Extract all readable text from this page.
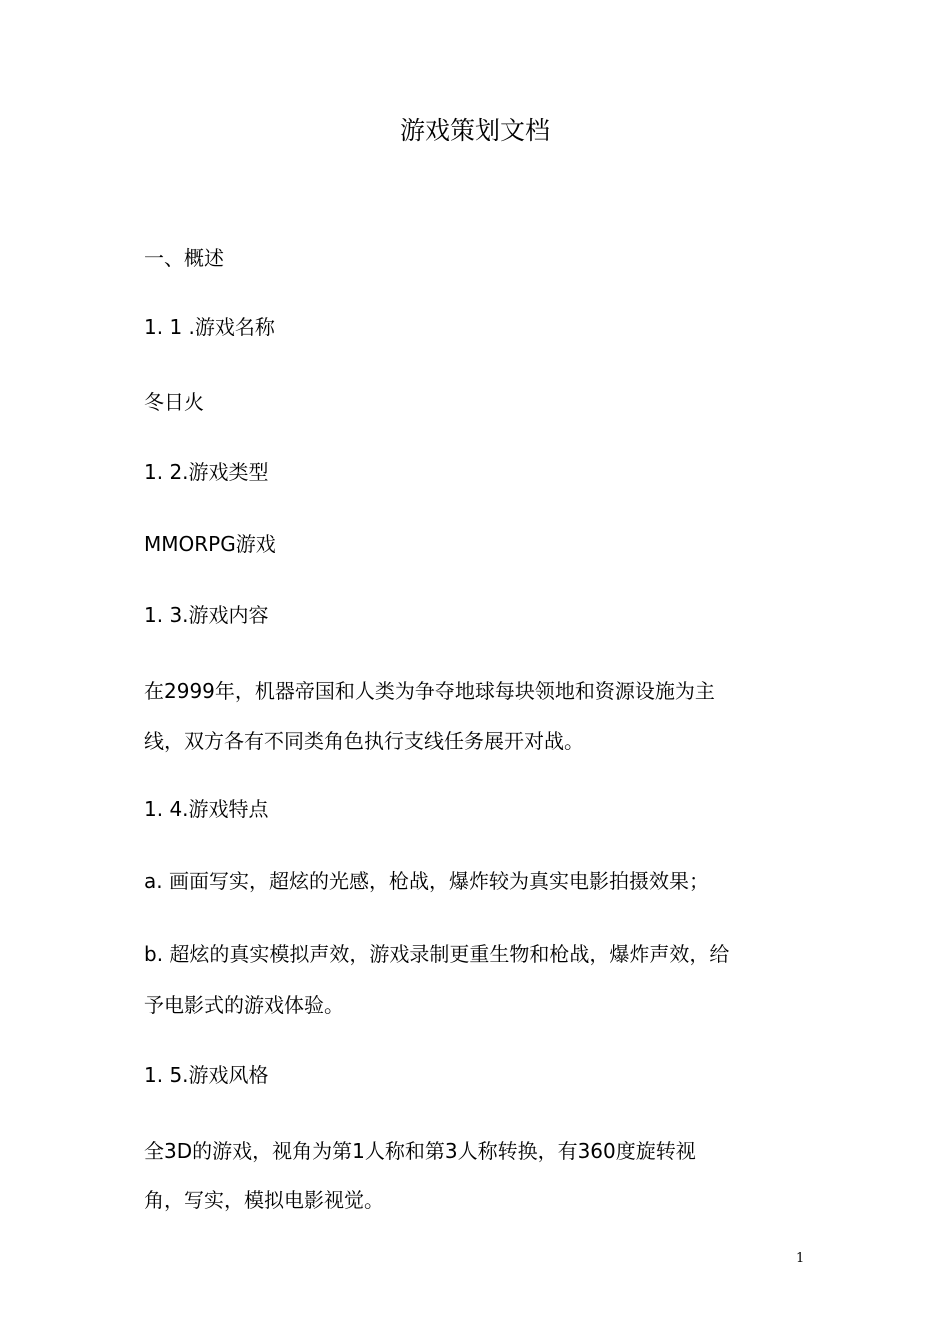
游戏策划文档
一、概述
1. 1 .游戏名称
冬日火
1. 2.游戏类型
MMORPG游戏
1. 3.游戏内容
在2999年，机器帝国和人类为争夺地球每块领地和资源设施为主
线，双方各有不同类角色执行支线任务展开对战。
1. 4.游戏特点
a. 画面写实，超炫的光感，枪战，爆炸较为真实电影拍摄效果；
b. 超炫的真实模拟声效，游戏录制更重生物和枪战，爆炸声效，给
予电影式的游戏体验。
1. 5.游戏风格
全3D的游戏，视角为第1人称和第3人称转换，有360度旋转视
角，写实，模拟电影视觉。
1
